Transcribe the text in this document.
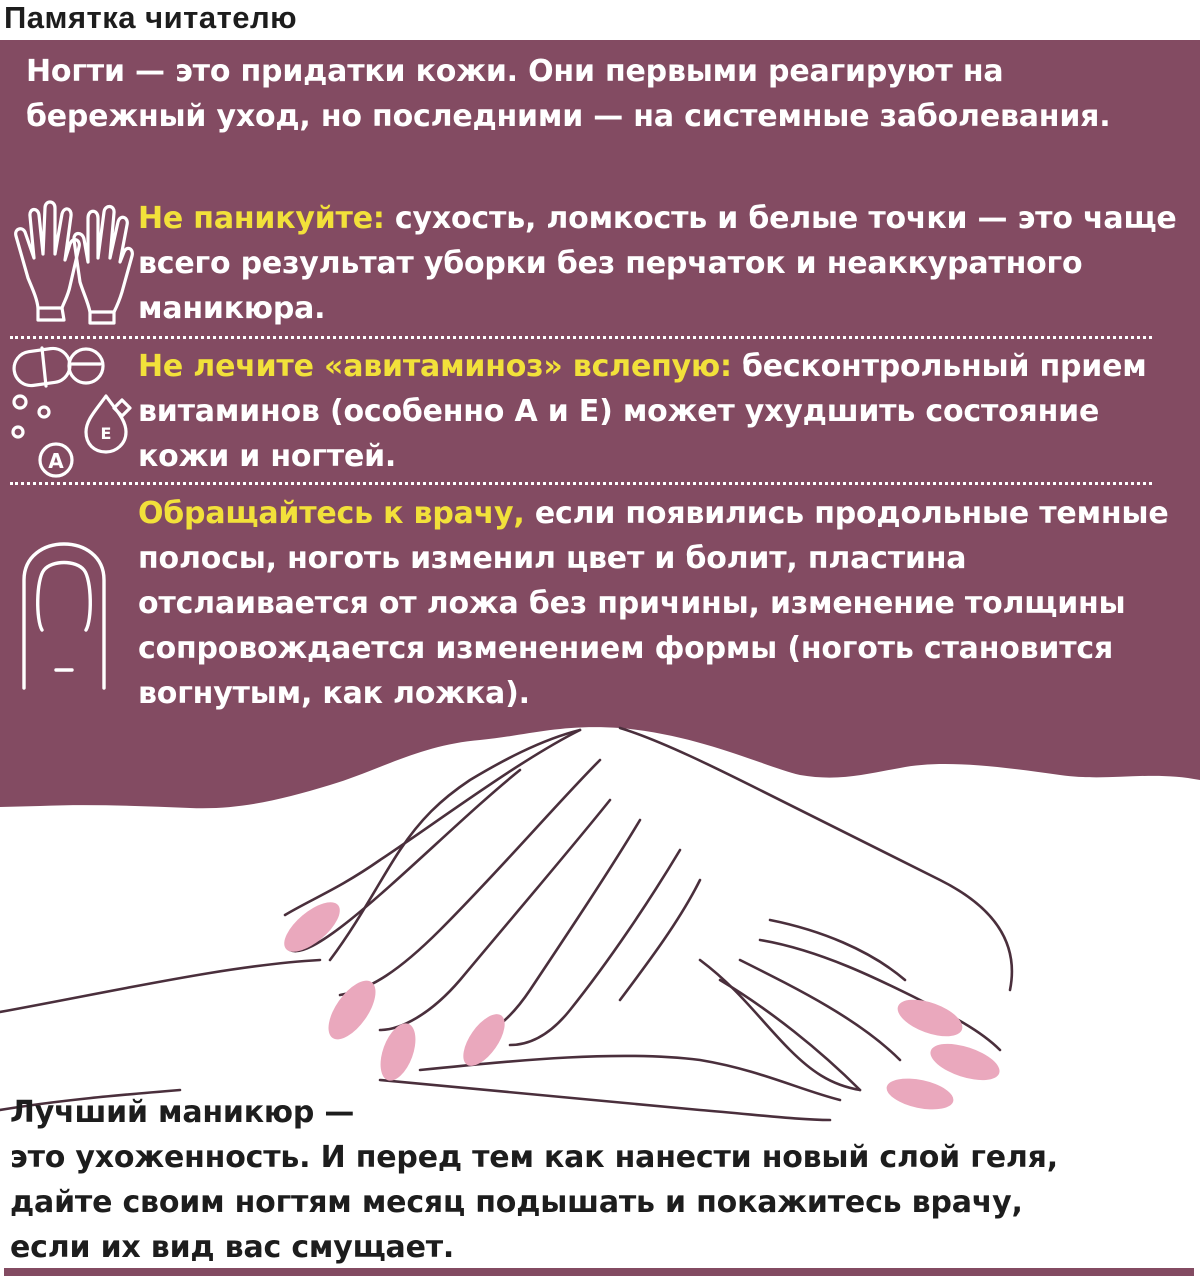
Памятка читателю
Ногти — это придатки кожи. Они первыми реагируют на бережный уход, но последними — на системные заболевания.
Не паникуйте: сухость, ломкость и белые точки — это чаще всего результат уборки без перчаток и неаккуратного маникюра.
E
A
Не лечите «авитаминоз» вслепую: бесконтрольный прием витаминов (особенно А и Е) может ухудшить состояние кожи и ногтей.
Обращайтесь к врачу, если появились продольные темные полосы, ноготь изменил цвет и болит, пластина отслаивается от ложа без причины, изменение толщины сопровождается изменением формы (ноготь становится вогнутым, как ложка).
Лучший маникюр —
это ухоженность. И перед тем как нанести новый слой геля,
дайте своим ногтям месяц подышать и покажитесь врачу,
если их вид вас смущает.
